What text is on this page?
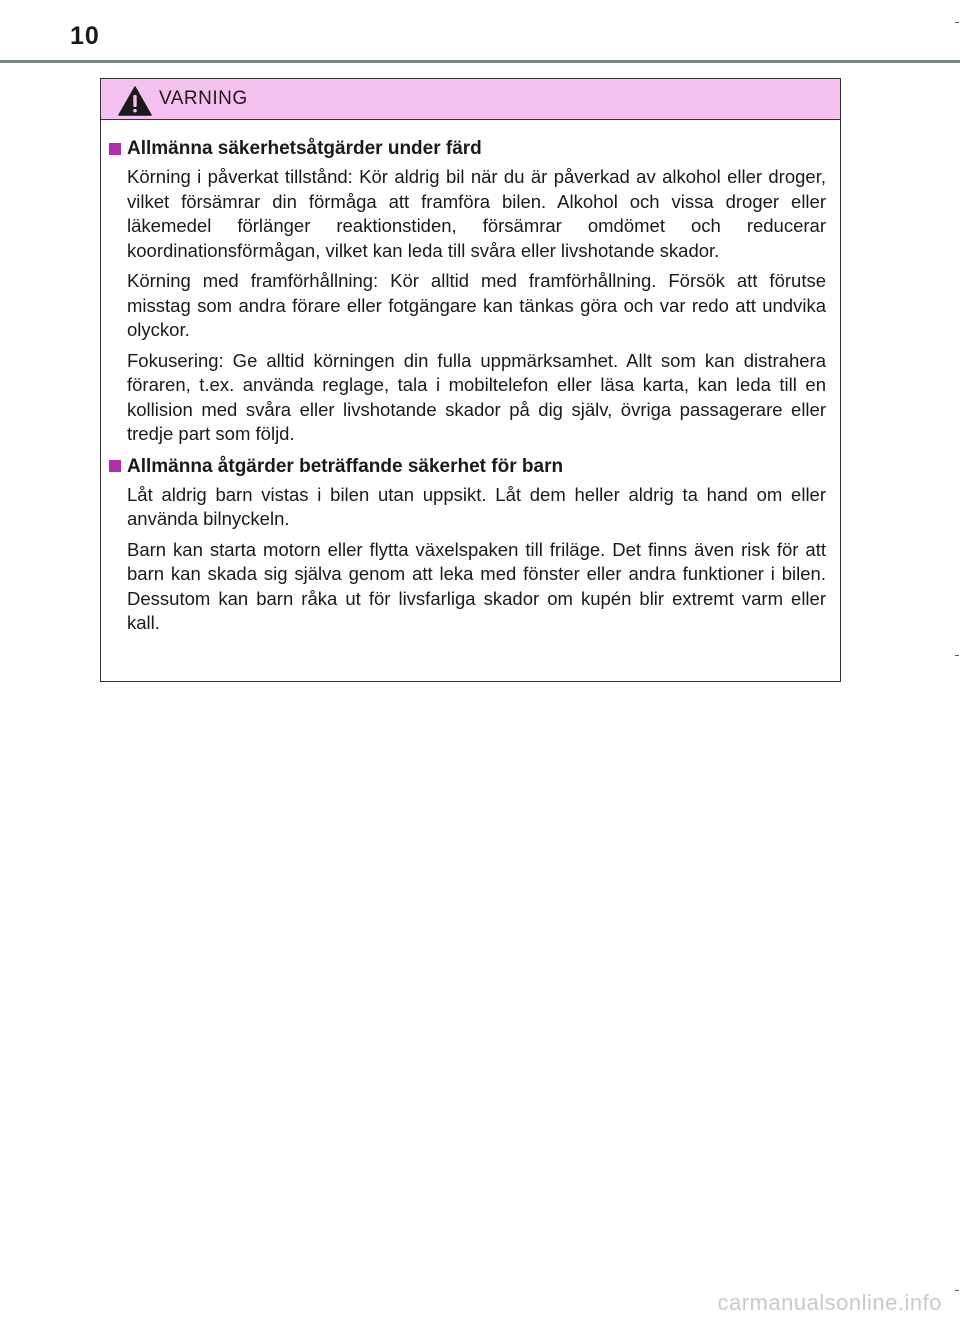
10
VARNING
Allmänna säkerhetsåtgärder under färd

Körning i påverkat tillstånd: Kör aldrig bil när du är påverkad av alkohol eller droger, vilket försämrar din förmåga att framföra bilen. Alkohol och vissa droger eller läkemedel förlänger reaktionstiden, försämrar omdömet och reducerar koordinationsförmågan, vilket kan leda till svåra eller livshotande skador.

Körning med framförhållning: Kör alltid med framförhållning. Försök att förutse misstag som andra förare eller fotgängare kan tänkas göra och var redo att undvika olyckor.

Fokusering: Ge alltid körningen din fulla uppmärksamhet. Allt som kan distrahera föraren, t.ex. använda reglage, tala i mobiltelefon eller läsa karta, kan leda till en kollision med svåra eller livshotande skador på dig själv, övriga passagerare eller tredje part som följd.

Allmänna åtgärder beträffande säkerhet för barn

Låt aldrig barn vistas i bilen utan uppsikt. Låt dem heller aldrig ta hand om eller använda bilnyckeln.

Barn kan starta motorn eller flytta växelspaken till friläge. Det finns även risk för att barn kan skada sig själva genom att leka med fönster eller andra funktioner i bilen. Dessutom kan barn råka ut för livsfarliga skador om kupén blir extremt varm eller kall.

carmanualsonline.info
